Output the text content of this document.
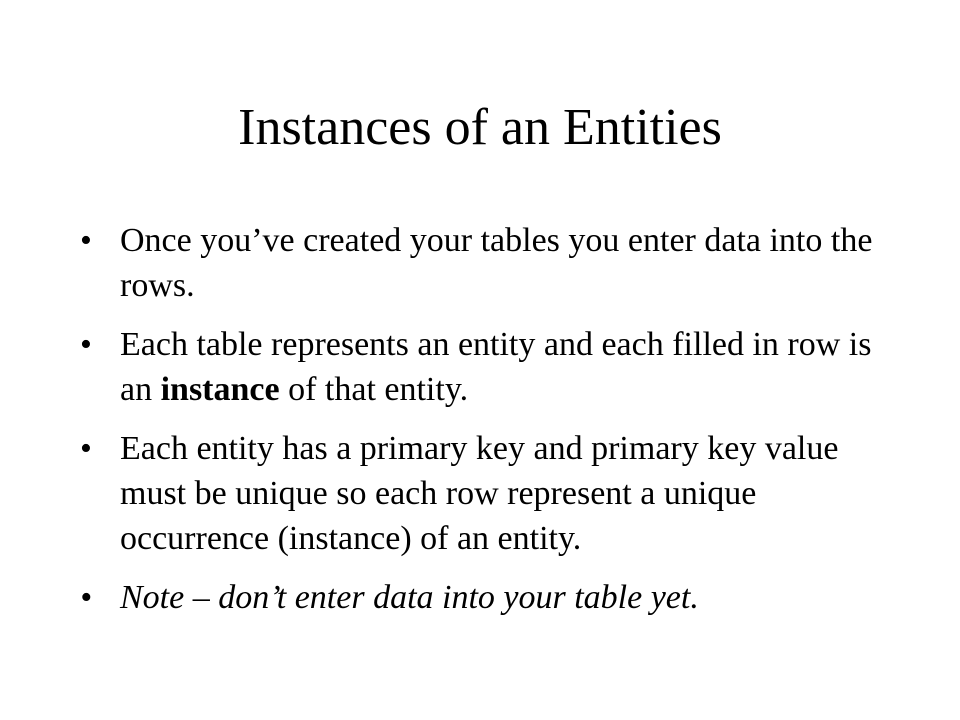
Instances of an Entities
• Once you’ve created your tables you enter data into the rows.
• Each table represents an entity and each filled in row is an instance of that entity.
• Each entity has a primary key and primary key value must be unique so each row represent a unique occurrence (instance) of an entity.
• Note – don’t enter data into your table yet.
